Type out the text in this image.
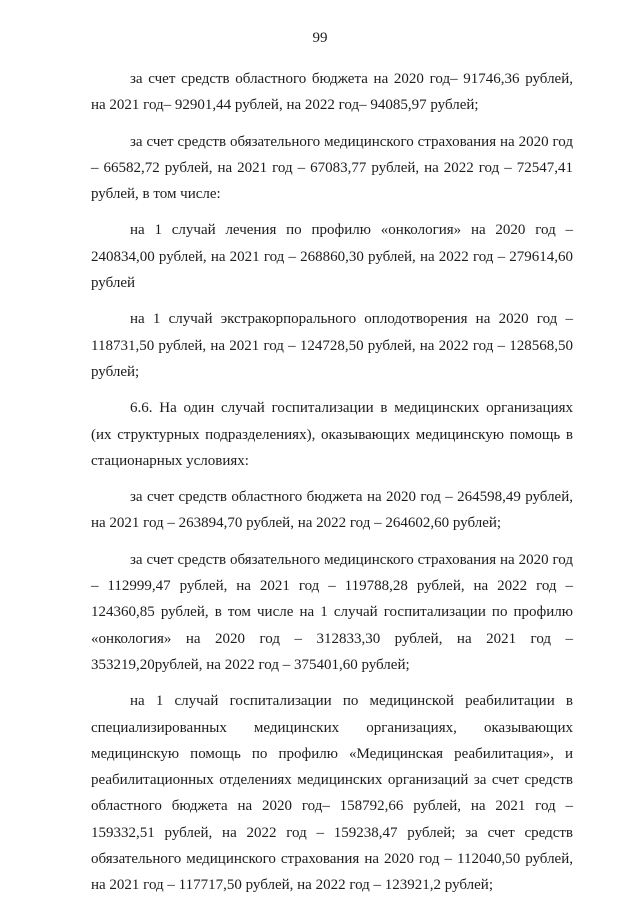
99

за счет средств областного бюджета на 2020 год– 91746,36 рублей, на 2021 год– 92901,44 рублей, на 2022 год– 94085,97 рублей;

за счет средств обязательного медицинского страхования на 2020 год – 66582,72 рублей, на 2021 год – 67083,77 рублей, на 2022 год – 72547,41 рублей, в том числе:

на 1 случай лечения по профилю «онкология» на 2020 год – 240834,00 рублей, на 2021 год – 268860,30 рублей, на 2022 год – 279614,60 рублей

на 1 случай экстракорпорального оплодотворения на 2020 год – 118731,50 рублей, на 2021 год – 124728,50 рублей, на 2022 год – 128568,50 рублей;

6.6. На один случай госпитализации в медицинских организациях (их структурных подразделениях), оказывающих медицинскую помощь в стационарных условиях:

за счет средств областного бюджета на 2020 год – 264598,49 рублей, на 2021 год – 263894,70 рублей, на 2022 год – 264602,60 рублей;

за счет средств обязательного медицинского страхования на 2020 год – 112999,47 рублей, на 2021 год – 119788,28 рублей, на 2022 год – 124360,85 рублей, в том числе на 1 случай госпитализации по профилю «онкология» на 2020 год – 312833,30 рублей, на 2021 год – 353219,20рублей, на 2022 год – 375401,60 рублей;

на 1 случай госпитализации по медицинской реабилитации в специализированных медицинских организациях, оказывающих медицинскую помощь по профилю «Медицинская реабилитация», и реабилитационных отделениях медицинских организаций за счет средств областного бюджета на 2020 год– 158792,66 рублей, на 2021 год – 159332,51 рублей, на 2022 год – 159238,47 рублей; за счет средств обязательного медицинского страхования на 2020 год – 112040,50 рублей, на 2021 год – 117717,50 рублей, на 2022 год – 123921,2 рублей;
